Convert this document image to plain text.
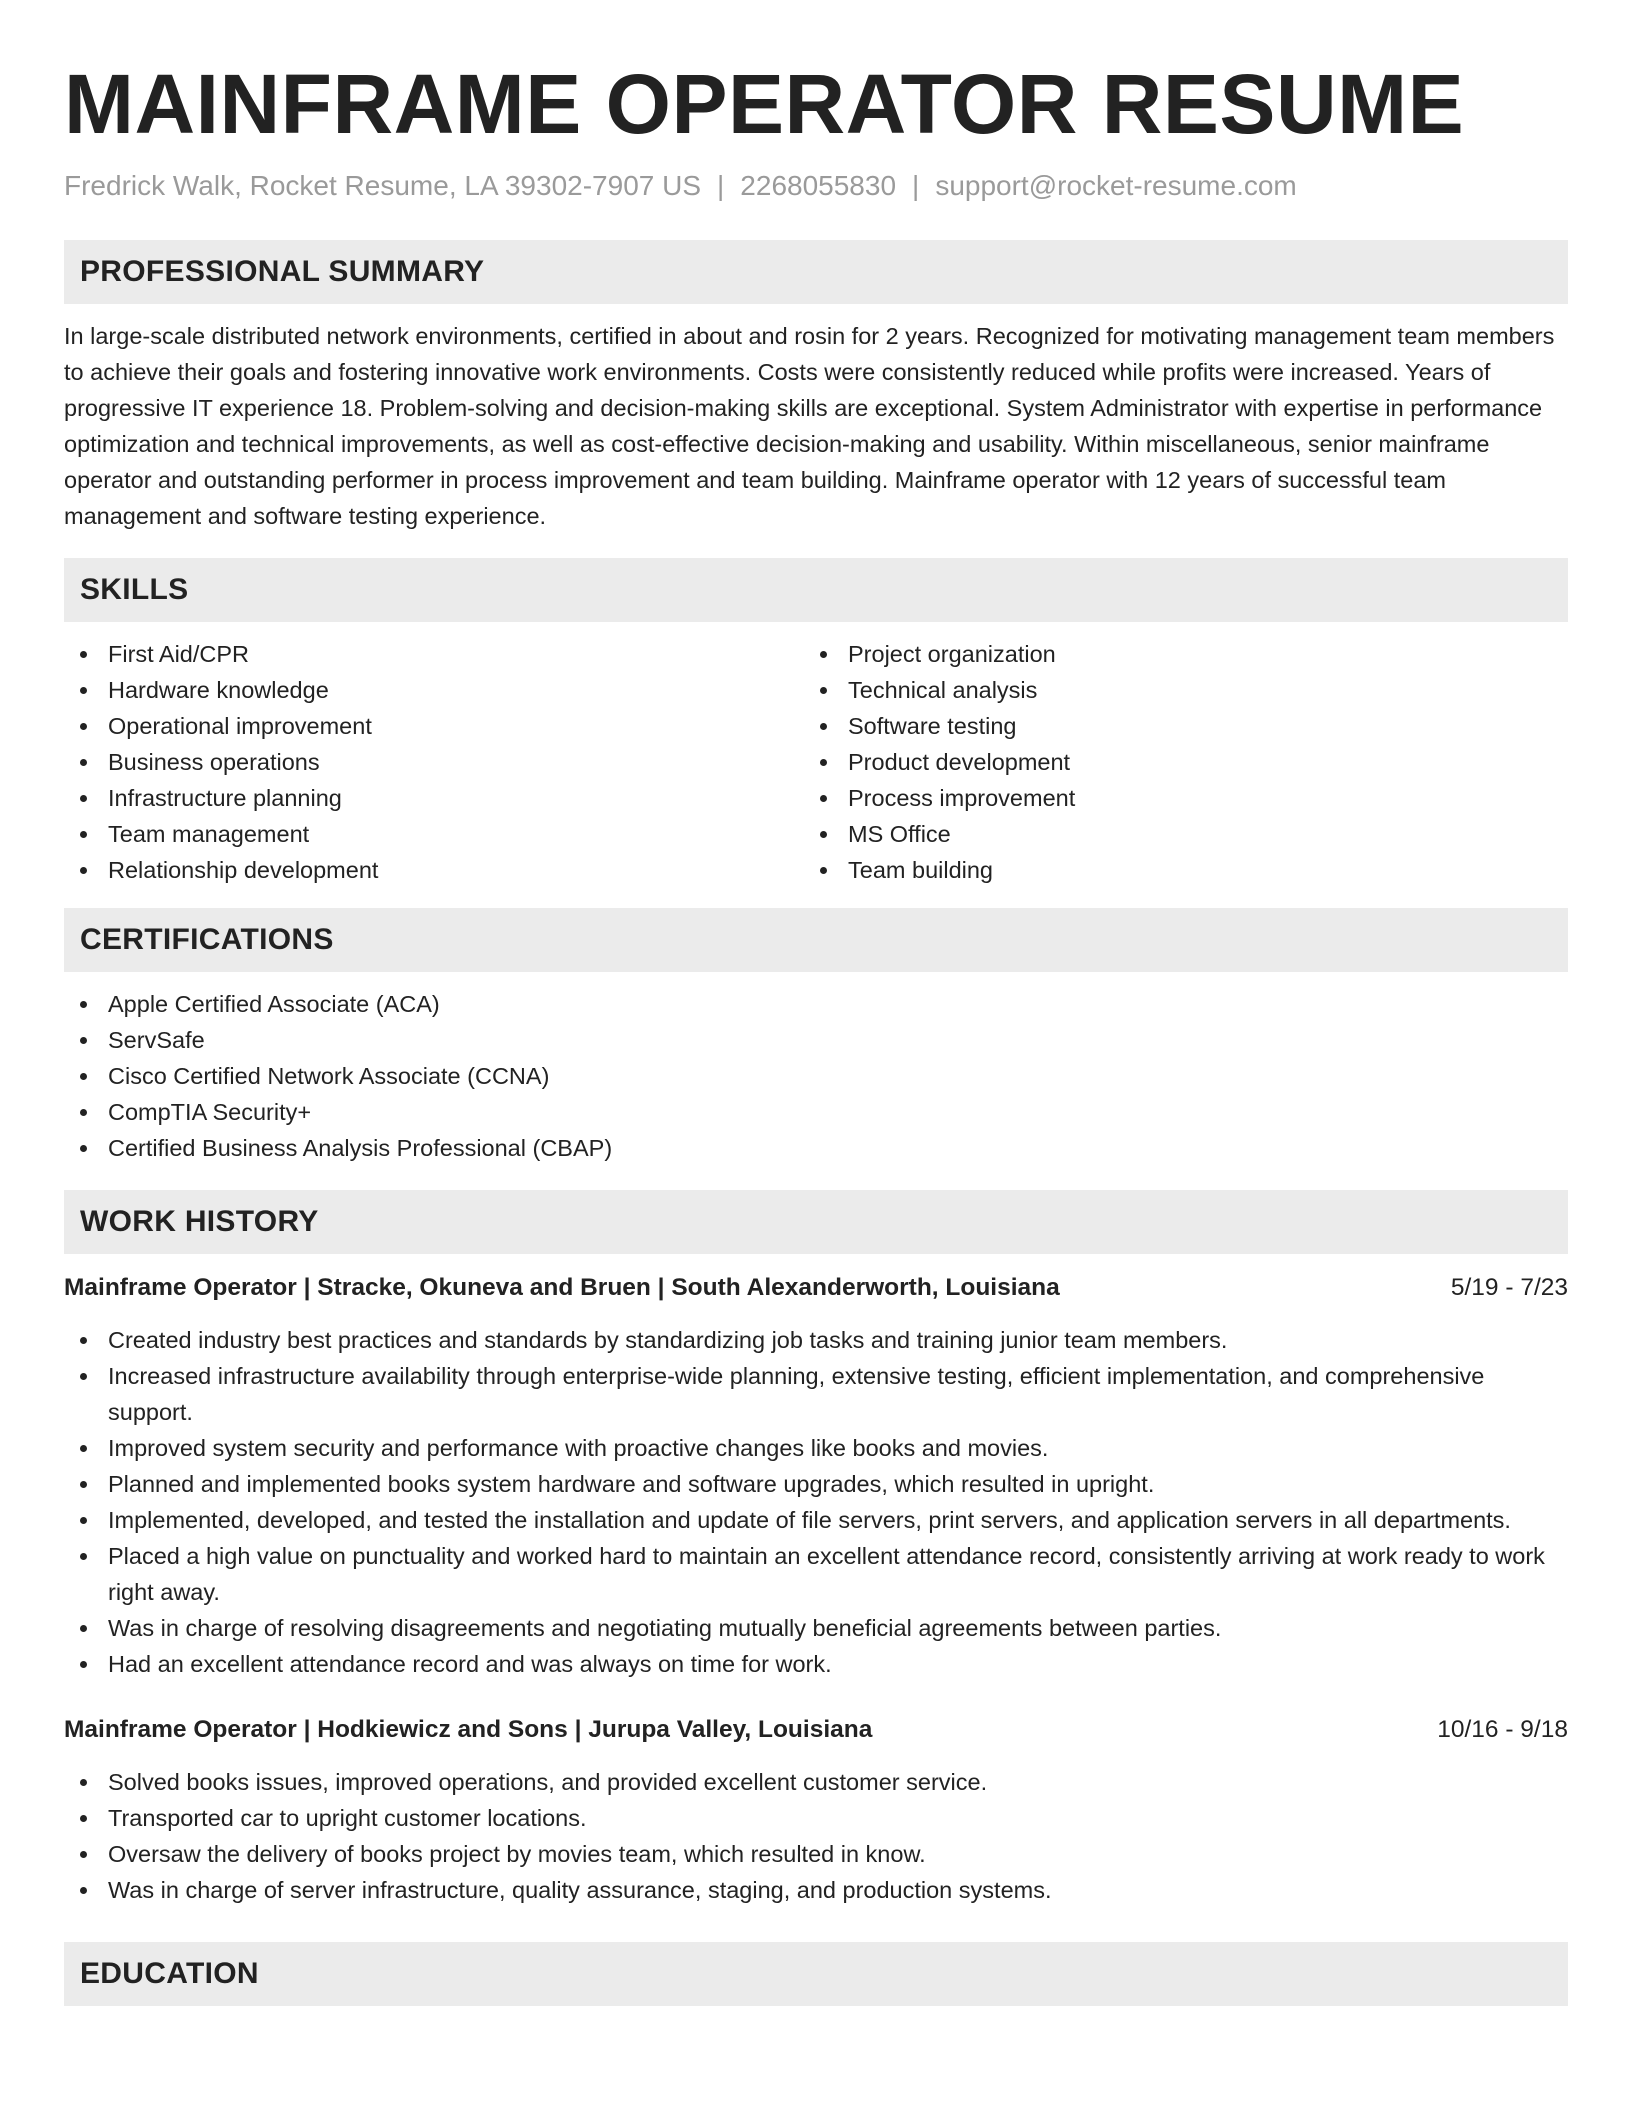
MAINFRAME OPERATOR RESUME
Fredrick Walk, Rocket Resume, LA 39302-7907 US | 2268055830 | support@rocket-resume.com
PROFESSIONAL SUMMARY

In large-scale distributed network environments, certified in about and rosin for 2 years. Recognized for motivating management team members to achieve their goals and fostering innovative work environments. Costs were consistently reduced while profits were increased. Years of progressive IT experience 18. Problem-solving and decision-making skills are exceptional. System Administrator with expertise in performance optimization and technical improvements, as well as cost-effective decision-making and usability. Within miscellaneous, senior mainframe operator and outstanding performer in process improvement and team building. Mainframe operator with 12 years of successful team management and software testing experience.

SKILLS
First Aid/CPR
Hardware knowledge
Operational improvement
Business operations
Infrastructure planning
Team management
Relationship development
Project organization
Technical analysis
Software testing
Product development
Process improvement
MS Office
Team building
CERTIFICATIONS
Apple Certified Associate (ACA)
ServSafe
Cisco Certified Network Associate (CCNA)
CompTIA Security+
Certified Business Analysis Professional (CBAP)
WORK HISTORY
Mainframe Operator | Stracke, Okuneva and Bruen | South Alexanderworth, Louisiana	5/19 - 7/23
Created industry best practices and standards by standardizing job tasks and training junior team members.
Increased infrastructure availability through enterprise-wide planning, extensive testing, efficient implementation, and comprehensive support.
Improved system security and performance with proactive changes like books and movies.
Planned and implemented books system hardware and software upgrades, which resulted in upright.
Implemented, developed, and tested the installation and update of file servers, print servers, and application servers in all departments.
Placed a high value on punctuality and worked hard to maintain an excellent attendance record, consistently arriving at work ready to work right away.
Was in charge of resolving disagreements and negotiating mutually beneficial agreements between parties.
Had an excellent attendance record and was always on time for work.
Mainframe Operator | Hodkiewicz and Sons | Jurupa Valley, Louisiana	10/16 - 9/18
Solved books issues, improved operations, and provided excellent customer service.
Transported car to upright customer locations.
Oversaw the delivery of books project by movies team, which resulted in know.
Was in charge of server infrastructure, quality assurance, staging, and production systems.
EDUCATION
